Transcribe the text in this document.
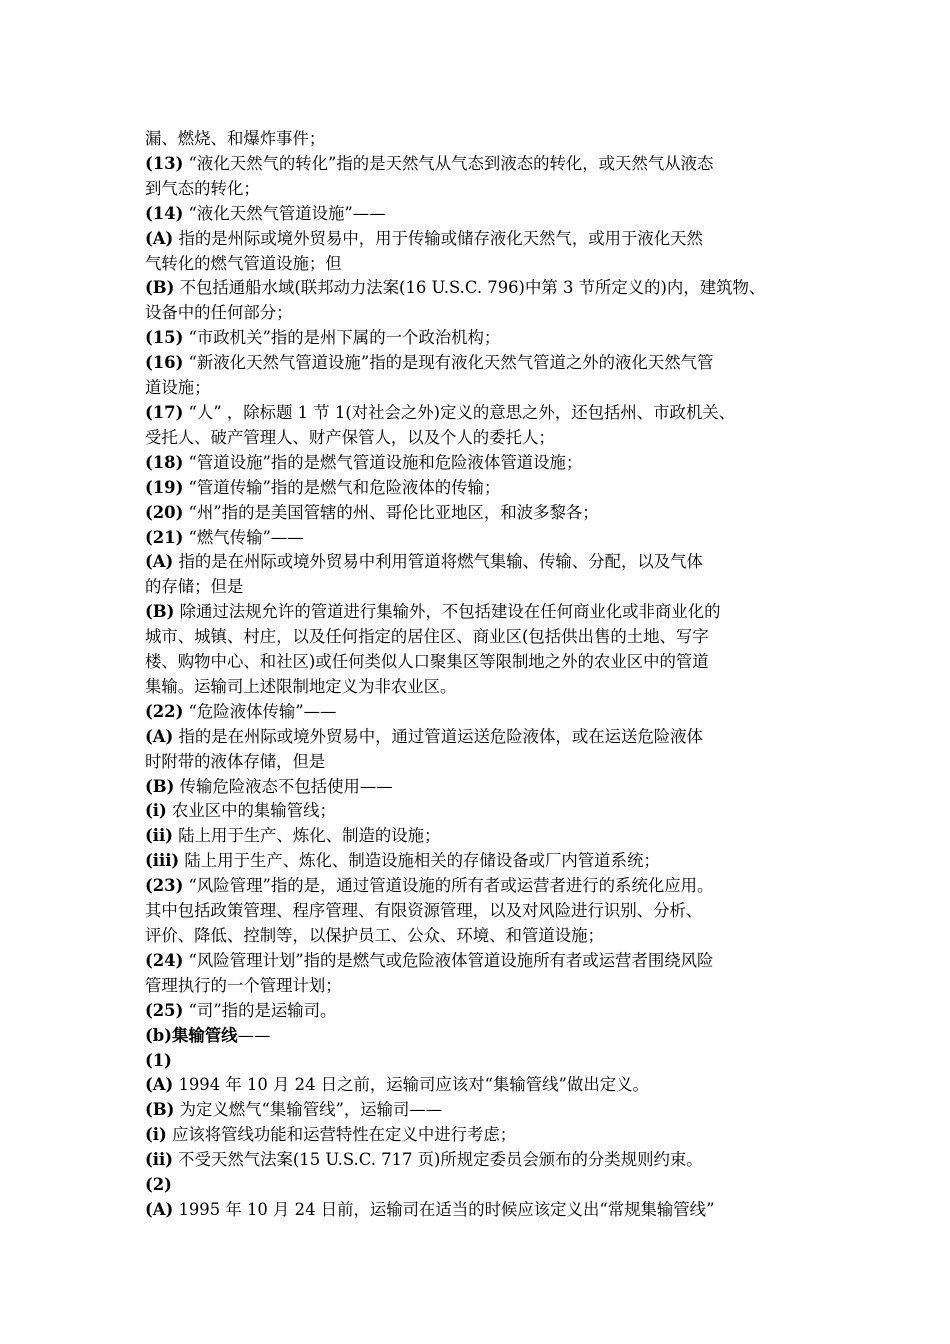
漏、燃烧、和爆炸事件；
(13) “液化天然气的转化”指的是天然气从气态到液态的转化，或天然气从液态
到气态的转化；
(14) “液化天然气管道设施”——
(A) 指的是州际或境外贸易中，用于传输或储存液化天然气，或用于液化天然
气转化的燃气管道设施；但
(B) 不包括通船水域(联邦动力法案(16 U.S.C. 796)中第 3 节所定义的)内，建筑物、
设备中的任何部分；
(15) “市政机关”指的是州下属的一个政治机构；
(16) “新液化天然气管道设施”指的是现有液化天然气管道之外的液化天然气管
道设施；
(17) “人” ，除标题 1 节 1(对社会之外)定义的意思之外，还包括州、市政机关、
受托人、破产管理人、财产保管人，以及个人的委托人；
(18) “管道设施”指的是燃气管道设施和危险液体管道设施；
(19) “管道传输”指的是燃气和危险液体的传输；
(20) “州”指的是美国管辖的州、哥伦比亚地区，和波多黎各；
(21) “燃气传输”——
(A) 指的是在州际或境外贸易中利用管道将燃气集输、传输、分配，以及气体
的存储；但是
(B) 除通过法规允许的管道进行集输外，不包括建设在任何商业化或非商业化的
城市、城镇、村庄，以及任何指定的居住区、商业区(包括供出售的土地、写字
楼、购物中心、和社区)或任何类似人口聚集区等限制地之外的农业区中的管道
集输。运输司上述限制地定义为非农业区。
(22) “危险液体传输”——
(A) 指的是在州际或境外贸易中，通过管道运送危险液体，或在运送危险液体
时附带的液体存储，但是
(B) 传输危险液态不包括使用——
(i) 农业区中的集输管线；
(ii) 陆上用于生产、炼化、制造的设施；
(iii) 陆上用于生产、炼化、制造设施相关的存储设备或厂内管道系统；
(23) “风险管理”指的是，通过管道设施的所有者或运营者进行的系统化应用。
其中包括政策管理、程序管理、有限资源管理，以及对风险进行识别、分析、
评价、降低、控制等，以保护员工、公众、环境、和管道设施；
(24) “风险管理计划”指的是燃气或危险液体管道设施所有者或运营者围绕风险
管理执行的一个管理计划；
(25) “司”指的是运输司。
(b)集输管线——
(1)
(A) 1994 年 10 月 24 日之前，运输司应该对“集输管线”做出定义。
(B) 为定义燃气“集输管线”，运输司——
(i) 应该将管线功能和运营特性在定义中进行考虑；
(ii) 不受天然气法案(15 U.S.C. 717 页)所规定委员会颁布的分类规则约束。
(2)
(A) 1995 年 10 月 24 日前，运输司在适当的时候应该定义出“常规集输管线”
